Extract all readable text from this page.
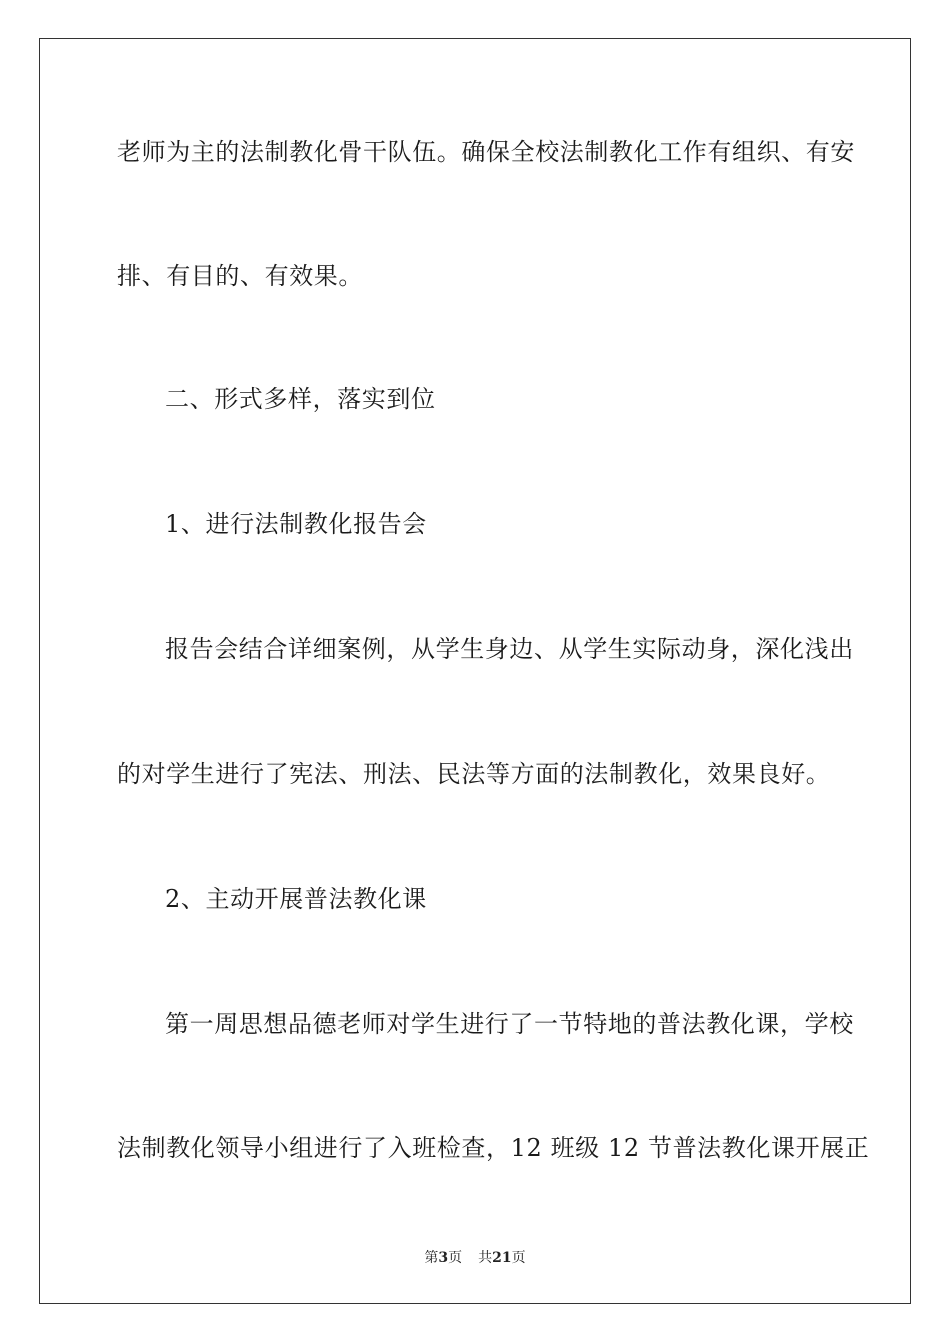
老师为主的法制教化骨干队伍。确保全校法制教化工作有组织、有安
排、有目的、有效果。
二、形式多样，落实到位
1、进行法制教化报告会
报告会结合详细案例，从学生身边、从学生实际动身，深化浅出
的对学生进行了宪法、刑法、民法等方面的法制教化，效果良好。
2、主动开展普法教化课
第一周思想品德老师对学生进行了一节特地的普法教化课，学校
法制教化领导小组进行了入班检查，12 班级 12 节普法教化课开展正
第3页 共21页
